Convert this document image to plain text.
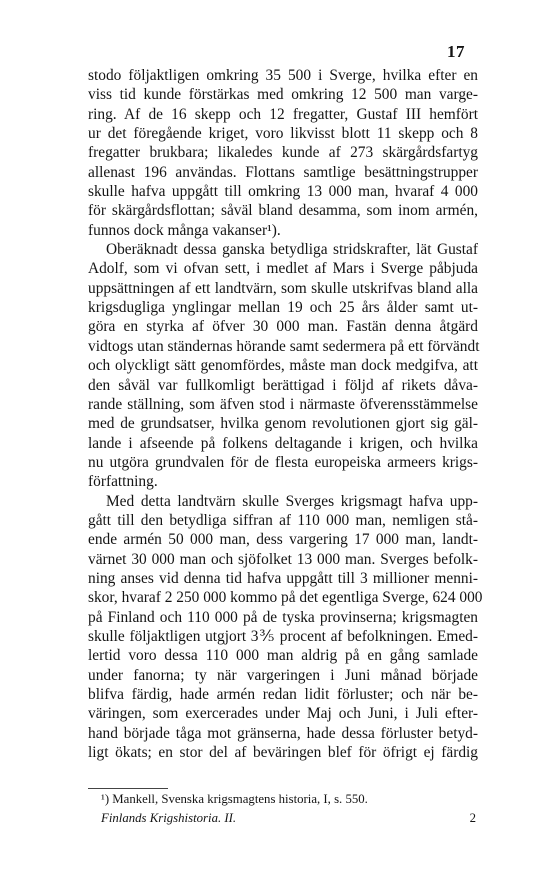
17
stodo följaktligen omkring 35 500 i Sverge, hvilka efter en
viss tid kunde förstärkas med omkring 12 500 man varge-
ring. Af de 16 skepp och 12 fregatter, Gustaf III hemfört
ur det föregående kriget, voro likvisst blott 11 skepp och 8
fregatter brukbara; likaledes kunde af 273 skärgårdsfartyg
allenast 196 användas. Flottans samtlige besättningstrupper
skulle hafva uppgått till omkring 13 000 man, hvaraf 4 000
för skärgårdsflottan; såväl bland desamma, som inom armén,
funnos dock många vakanser¹).
Oberäknadt dessa ganska betydliga stridskrafter, lät Gustaf
Adolf, som vi ofvan sett, i medlet af Mars i Sverge påbjuda
uppsättningen af ett landtvärn, som skulle utskrifvas bland alla
krigsdugliga ynglingar mellan 19 och 25 års ålder samt ut-
göra en styrka af öfver 30 000 man. Fastän denna åtgärd
vidtogs utan ständernas hörande samt sedermera på ett förvändt
och olyckligt sätt genomfördes, måste man dock medgifva, att
den såväl var fullkomligt berättigad i följd af rikets dåva-
rande ställning, som äfven stod i närmaste öfverensstämmelse
med de grundsatser, hvilka genom revolutionen gjort sig gäl-
lande i afseende på folkens deltagande i krigen, och hvilka
nu utgöra grundvalen för de flesta europeiska armeers krigs-
författning.
Med detta landtvärn skulle Sverges krigsmagt hafva upp-
gått till den betydliga siffran af 110 000 man, nemligen stå-
ende armén 50 000 man, dess vargering 17 000 man, landt-
värnet 30 000 man och sjöfolket 13 000 man. Sverges befolk-
ning anses vid denna tid hafva uppgått till 3 millioner menni-
skor, hvaraf 2 250 000 kommo på det egentliga Sverge, 624 000
på Finland och 110 000 på de tyska provinserna; krigsmagten
skulle följaktligen utgjort 3⅗ procent af befolkningen. Emed-
lertid voro dessa 110 000 man aldrig på en gång samlade
under fanorna; ty när vargeringen i Juni månad började
blifva färdig, hade armén redan lidit förluster; och när be-
väringen, som exercerades under Maj och Juni, i Juli efter-
hand började tåga mot gränserna, hade dessa förluster betyd-
ligt ökats; en stor del af beväringen blef för öfrigt ej färdig
¹) Mankell, Svenska krigsmagtens historia, I, s. 550.
Finlands Krigshistoria. II.	2
